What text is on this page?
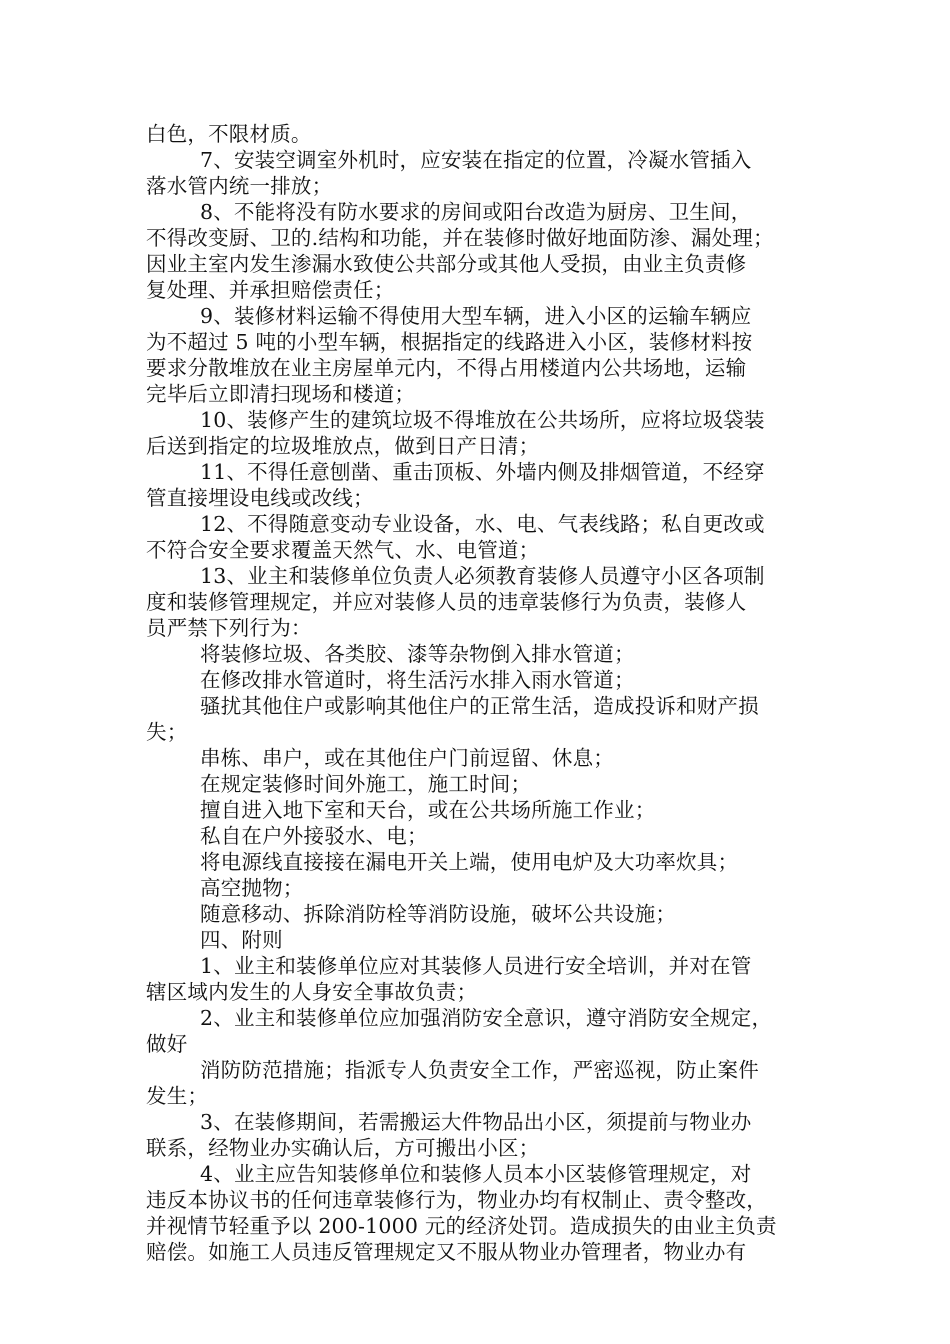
白色，不限材质。
7、安装空调室外机时，应安装在指定的位置，冷凝水管插入
落水管内统一排放；
8、不能将没有防水要求的房间或阳台改造为厨房、卫生间，
不得改变厨、卫的.结构和功能，并在装修时做好地面防渗、漏处理；
因业主室内发生渗漏水致使公共部分或其他人受损，由业主负责修
复处理、并承担赔偿责任；
9、装修材料运输不得使用大型车辆，进入小区的运输车辆应
为不超过 5 吨的小型车辆，根据指定的线路进入小区，装修材料按
要求分散堆放在业主房屋单元内，不得占用楼道内公共场地，运输
完毕后立即清扫现场和楼道；
10、装修产生的建筑垃圾不得堆放在公共场所，应将垃圾袋装
后送到指定的垃圾堆放点，做到日产日清；
11、不得任意刨凿、重击顶板、外墙内侧及排烟管道，不经穿
管直接埋设电线或改线；
12、不得随意变动专业设备，水、电、气表线路；私自更改或
不符合安全要求覆盖天然气、水、电管道；
13、业主和装修单位负责人必须教育装修人员遵守小区各项制
度和装修管理规定，并应对装修人员的违章装修行为负责，装修人
员严禁下列行为：
将装修垃圾、各类胶、漆等杂物倒入排水管道；
在修改排水管道时，将生活污水排入雨水管道；
骚扰其他住户或影响其他住户的正常生活，造成投诉和财产损
失；
串栋、串户，或在其他住户门前逗留、休息；
在规定装修时间外施工，施工时间；
擅自进入地下室和天台，或在公共场所施工作业；
私自在户外接驳水、电；
将电源线直接接在漏电开关上端，使用电炉及大功率炊具；
高空抛物；
随意移动、拆除消防栓等消防设施，破坏公共设施；
四、附则
1、业主和装修单位应对其装修人员进行安全培训，并对在管
辖区域内发生的人身安全事故负责；
2、业主和装修单位应加强消防安全意识，遵守消防安全规定，
做好
消防防范措施；指派专人负责安全工作，严密巡视，防止案件
发生；
3、在装修期间，若需搬运大件物品出小区，须提前与物业办
联系，经物业办实确认后，方可搬出小区；
4、业主应告知装修单位和装修人员本小区装修管理规定，对
违反本协议书的任何违章装修行为，物业办均有权制止、责令整改，
并视情节轻重予以 200-1000 元的经济处罚。造成损失的由业主负责
赔偿。如施工人员违反管理规定又不服从物业办管理者，物业办有
